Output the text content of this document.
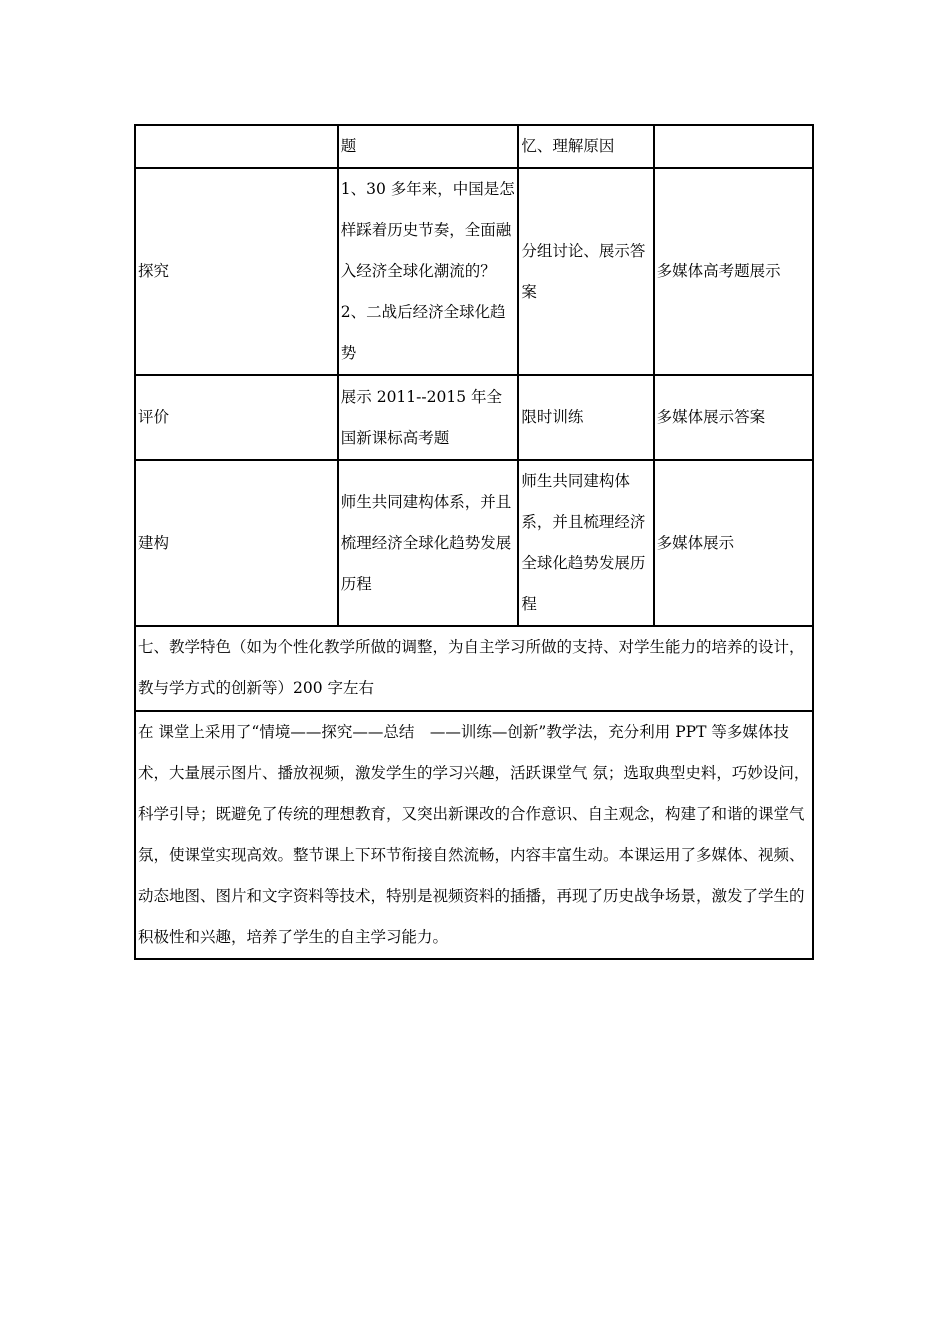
	题	忆、理解原因	
探究	1、30 多年来，中国是怎样踩着历史节奏，全面融入经济全球化潮流的？2、二战后经济全球化趋势	分组讨论、展示答案	多媒体高考题展示
评价	展示 2011--2015 年全国新课标高考题	限时训练	多媒体展示答案
建构	师生共同建构体系，并且梳理经济全球化趋势发展历程	师生共同建构体系，并且梳理经济全球化趋势发展历程	多媒体展示
七、教学特色（如为个性化教学所做的调整，为自主学习所做的支持、对学生能力的培养的设计，教与学方式的创新等）200 字左右			
在 课堂上采用了“情境——探究——总结　——训练—创新”教学法，充分利用 PPT 等多媒体技术，大量展示图片、播放视频，激发学生的学习兴趣，活跃课堂气 氛；选取典型史料，巧妙设问，科学引导；既避免了传统的理想教育，又突出新课改的合作意识、自主观念，构建了和谐的课堂气氛，使课堂实现高效。整节课上下环节衔接自然流畅，内容丰富生动。本课运用了多媒体、视频、　动态地图、图片和文字资料等技术，特别是视频资料的插播，再现了历史战争场景，激发了学生的积极性和兴趣，培养了学生的自主学习能力。			
